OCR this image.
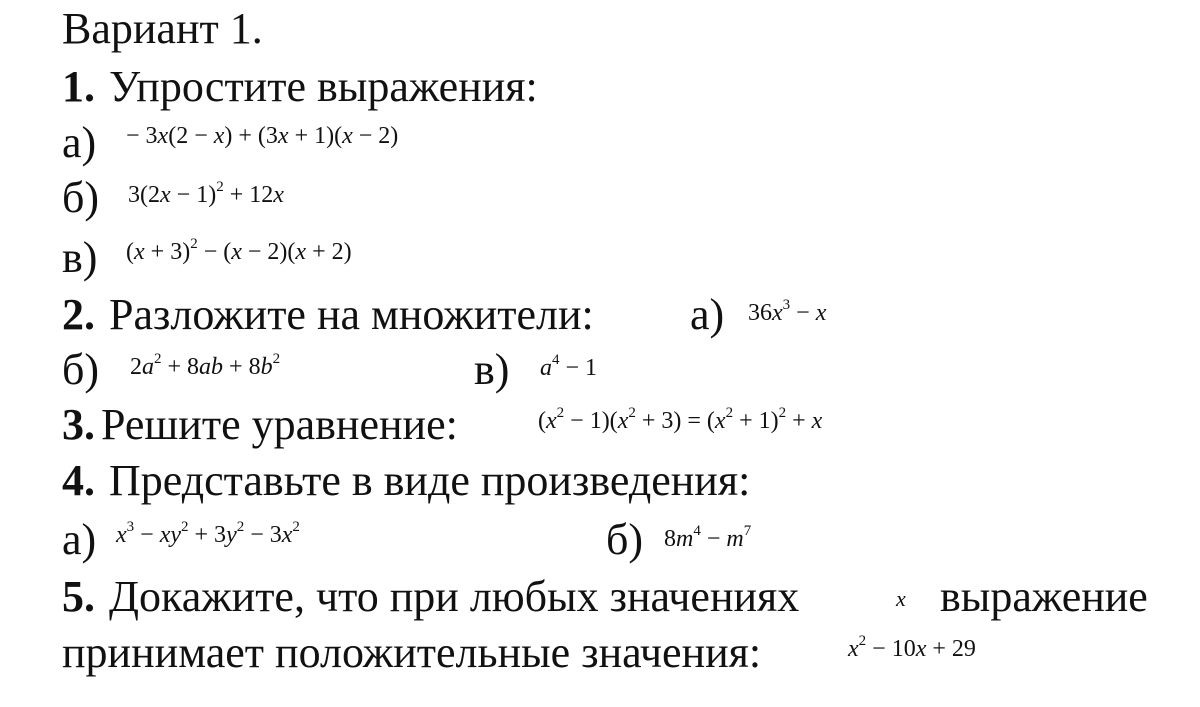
Вариант 1.
1. Упростите выражения:
а) − 3x(2 − x) + (3x + 1)(x − 2)
б) $3(2x - 1)^2 + 12x$
в) $(x + 3)^2 - (x - 2)(x + 2)$
2. Разложите на множители: а) $36x^3 - x$
б) $2a^2 + 8ab + 8b^2$	в) $a^4 - 1$
3. Решите уравнение:	$(x^2 - 1)(x^2 + 3) = (x^2 + 1)^2 + x$
4. Представьте в виде произведения:
а) $x^3 - xy^2 + 3y^2 - 3x^2$	б) $8m^4 - m^7$
5. Докажите, что при любых значениях	x выражение
принимает положительные значения:	$x^2 - 10x + 29$
